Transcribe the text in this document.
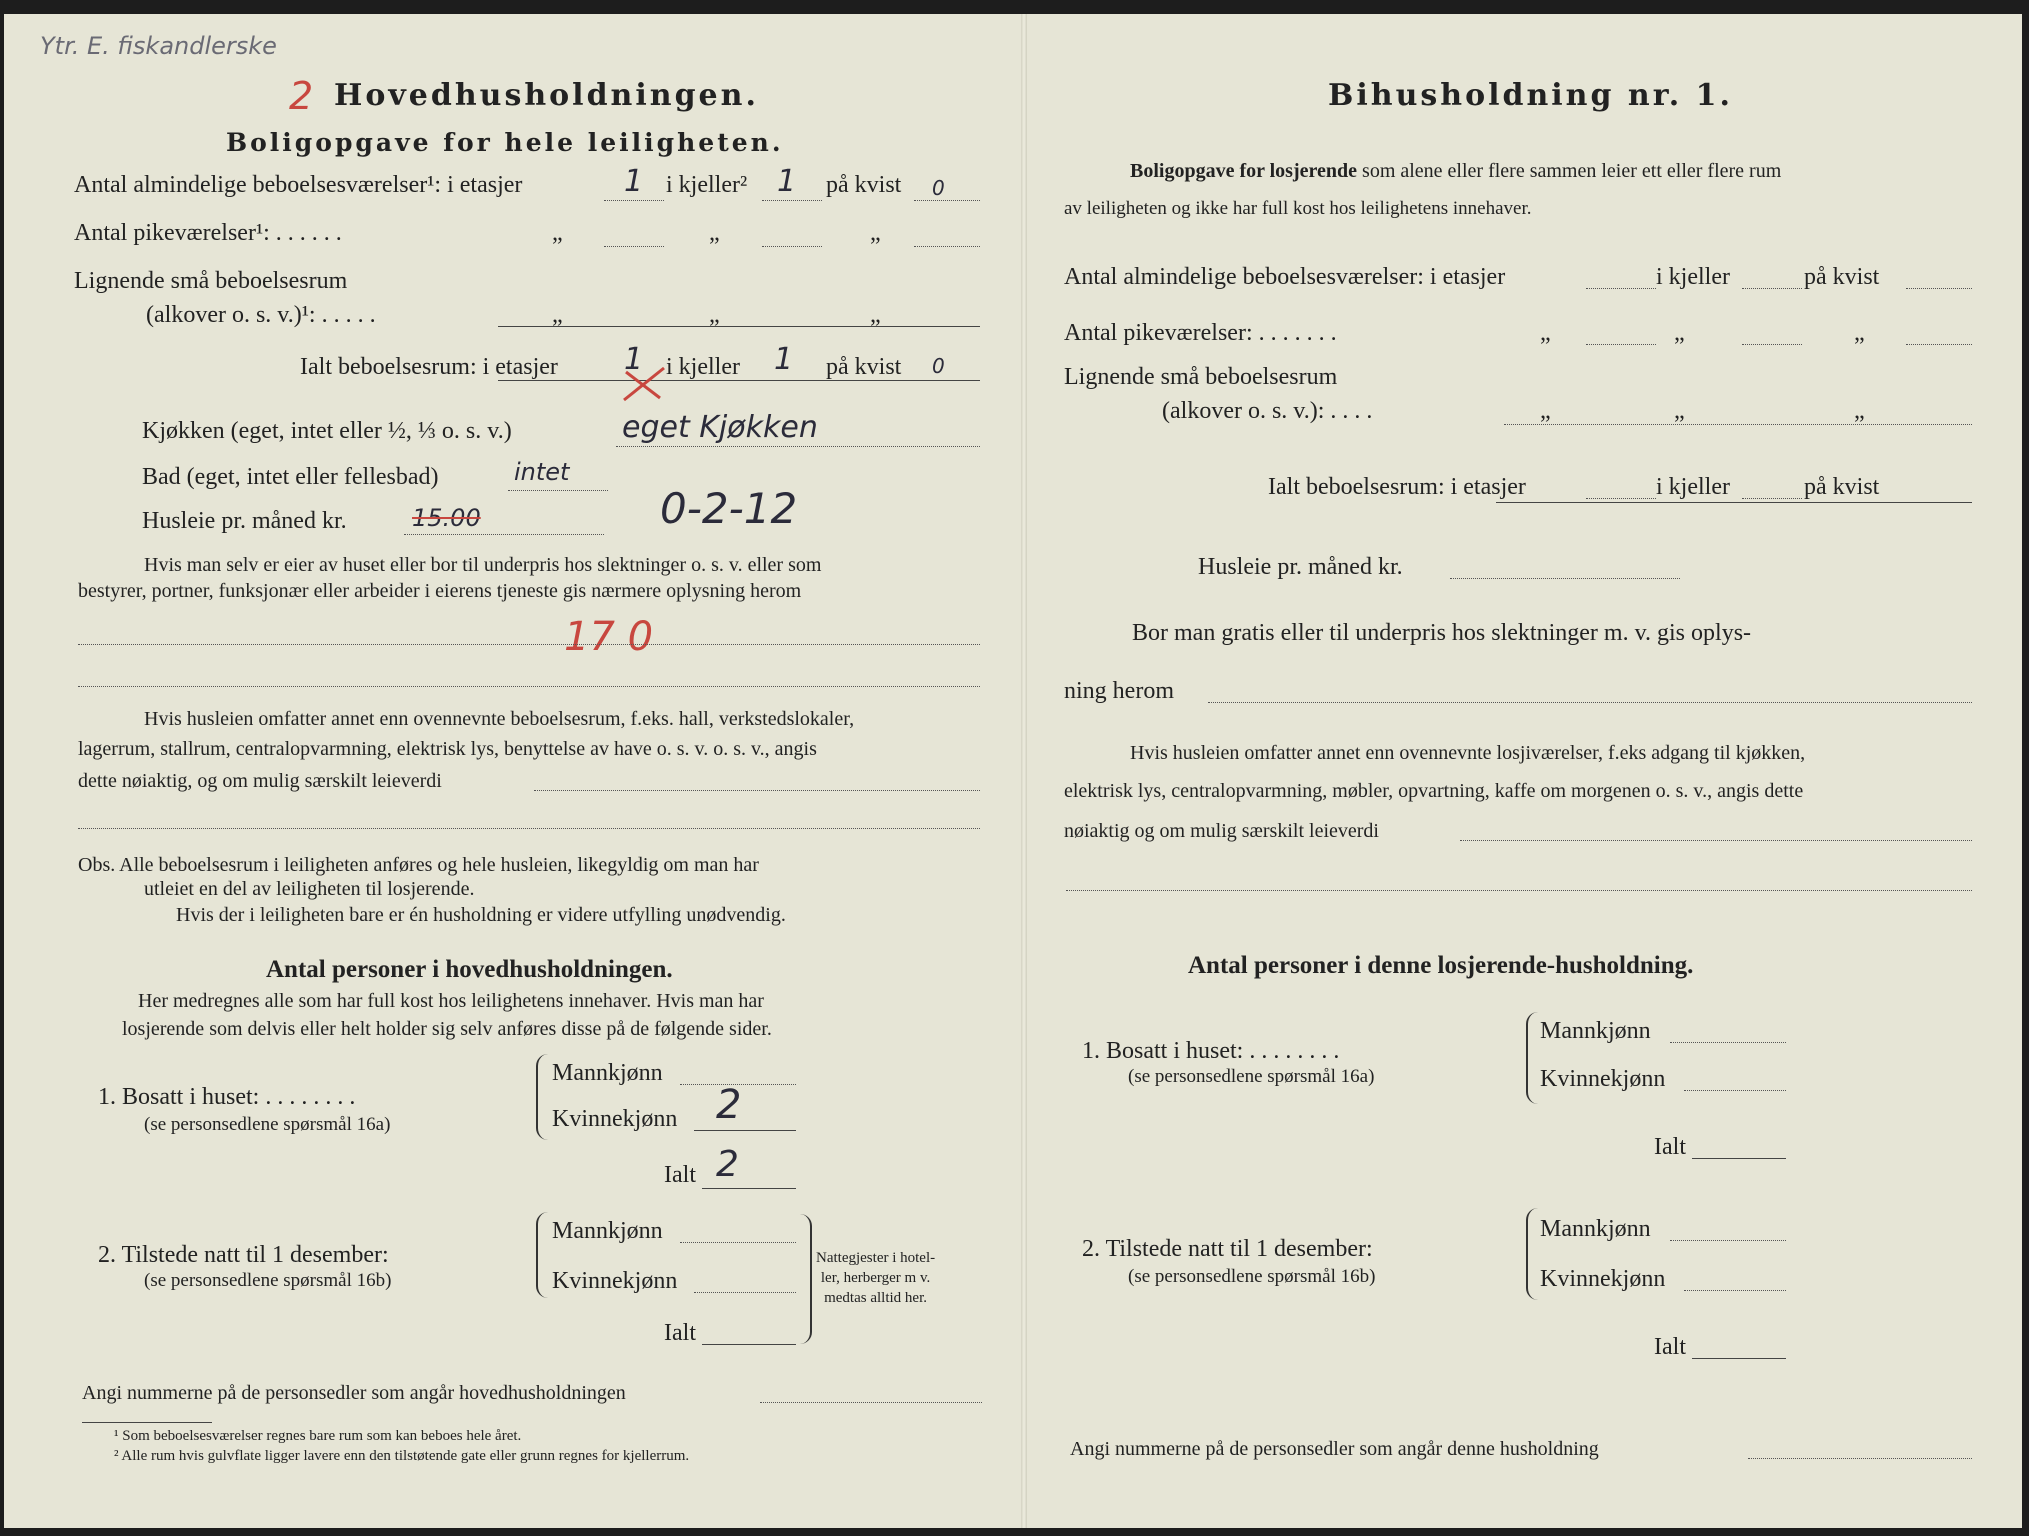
Ytr. E. fiskandlerske
2 Hovedhusholdningen.
Boligopgave for hele leiligheten.
Antal almindelige beboelsesværelser¹: i etasjer	1 i kjeller² 1 på kvist 0
Antal pikeværelser¹: . . . . . .	„	„	„
Lignende små beboelsesrum
(alkover o. s. v.)¹: . . . . .	„	„	„
Ialt beboelsesrum: i etasjer 1 i kjeller 1 på kvist 0
Kjøkken (eget, intet eller ½, ⅓ o. s. v.)	eget Kjøkken
Bad (eget, intet eller fellesbad)	intet
Husleie pr. måned kr.	15.00	0-2-12
Hvis man selv er eier av huset eller bor til underpris hos slektninger o. s. v. eller som
bestyrer, portner, funksjonær eller arbeider i eierens tjeneste gis nærmere oplysning herom
17 0
Hvis husleien omfatter annet enn ovennevnte beboelsesrum, f.eks. hall, verkstedslokaler,
lagerrum, stallrum, centralopvarmning, elektrisk lys, benyttelse av have o. s. v. o. s. v., angis
dette nøiaktig, og om mulig særskilt leieverdi
Obs. Alle beboelsesrum i leiligheten anføres og hele husleien, likegyldig om man har
utleiet en del av leiligheten til losjerende.
Hvis der i leiligheten bare er én husholdning er videre utfylling unødvendig.
Antal personer i hovedhusholdningen.
Her medregnes alle som har full kost hos leilighetens innehaver. Hvis man har
losjerende som delvis eller helt holder sig selv anføres disse på de følgende sider.
1. Bosatt i huset: . . . . . . . .
(se personsedlene spørsmål 16a)
Mannkjønn
Kvinnekjønn 2
Ialt 2
2. Tilstede natt til 1 desember:
(se personsedlene spørsmål 16b)
Mannkjønn
Kvinnekjønn
Ialt
Nattegjester i hotel-
ler, herberger m v.
medtas alltid her.
Angi nummerne på de personsedler som angår hovedhusholdningen
¹ Som beboelsesværelser regnes bare rum som kan beboes hele året.
² Alle rum hvis gulvflate ligger lavere enn den tilstøtende gate eller grunn regnes for kjellerrum.
Bihusholdning nr. 1.
Boligopgave for losjerende som alene eller flere sammen leier ett eller flere rum
av leiligheten og ikke har full kost hos leilighetens innehaver.
Antal almindelige beboelsesværelser: i etasjer	i kjeller	på kvist
Antal pikeværelser: . . . . . . .	„	„	„
Lignende små beboelsesrum
(alkover o. s. v.): . . . .	„	„	„
Ialt beboelsesrum: i etasjer	i kjeller	på kvist
Husleie pr. måned kr.
Bor man gratis eller til underpris hos slektninger m. v. gis oplys-
ning herom
Hvis husleien omfatter annet enn ovennevnte losjiværelser, f.eks adgang til kjøkken,
elektrisk lys, centralopvarmning, møbler, opvartning, kaffe om morgenen o. s. v., angis dette
nøiaktig og om mulig særskilt leieverdi
Antal personer i denne losjerende-husholdning.
1. Bosatt i huset: . . . . . . . .
(se personsedlene spørsmål 16a)
Mannkjønn
Kvinnekjønn
Ialt
2. Tilstede natt til 1 desember:
(se personsedlene spørsmål 16b)
Mannkjønn
Kvinnekjønn
Ialt
Angi nummerne på de personsedler som angår denne husholdning
